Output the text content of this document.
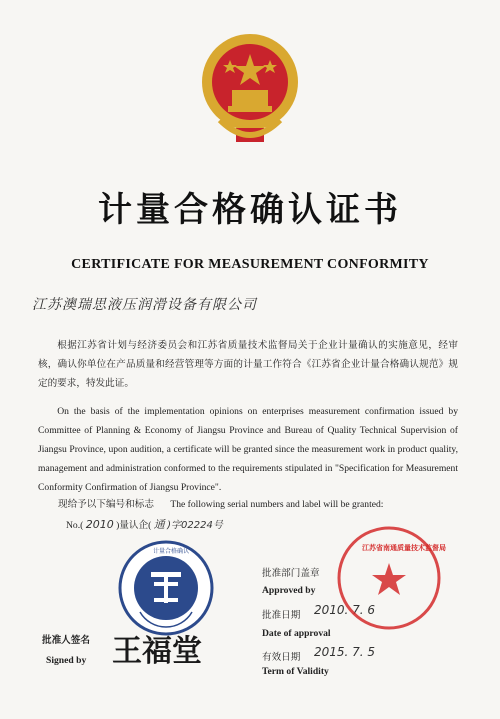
计量合格确认证书
CERTIFICATE FOR MEASUREMENT CONFORMITY
江苏澳瑞思液压润滑设备有限公司
根据江苏省计划与经济委员会和江苏省质量技术监督局关于企业计量确认的实施意见，经审核，确认你单位在产品质量和经营管理等方面的计量工作符合《江苏省企业计量合格确认规范》规定的要求，特发此证。
On the basis of the implementation opinions on enterprises measurement confirmation issued by Committee of Planning & Economy of Jiangsu Province and Bureau of Quality Technical Supervision of Jiangsu Province, upon audition, a certificate will be granted since the measurement work in product quality, management and administration conformed to the requirements stipulated in "Specification for Measurement Conformity Confirmation of Jiangsu Province".
现给予以下编号和标志 The following serial numbers and label will be granted:
No.( 2010 )量认企( 通 )字02224号
计量合格确认
批准人签名
Signed by 王福堂
批准部门盖章
Approved by
批准日期 2010. 7. 6
Date of approval
有效日期 2015. 7. 5
Term of Validity
江苏省南通质量技术监督局
